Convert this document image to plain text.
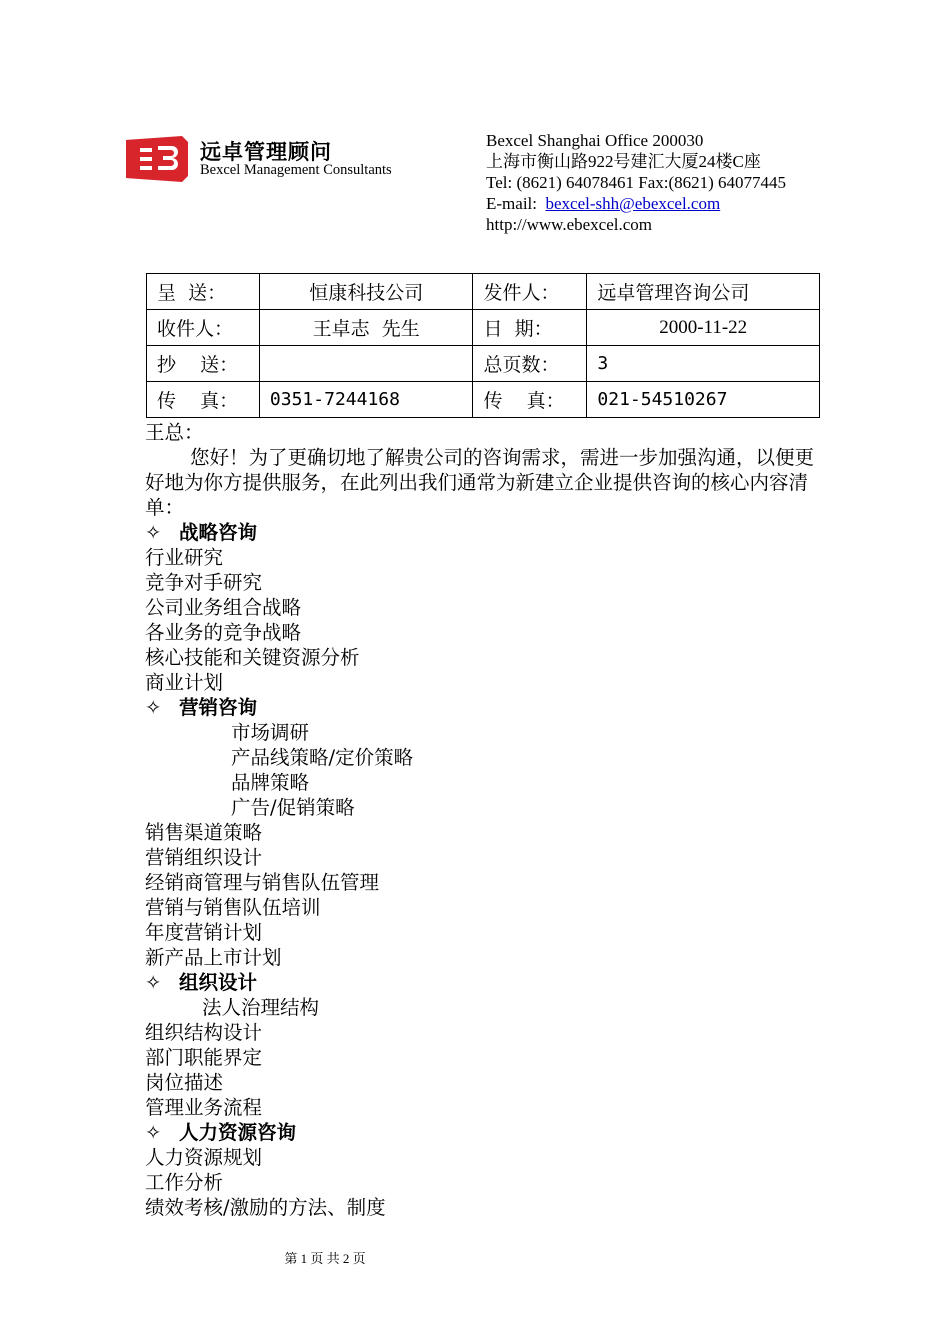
远卓管理顾问
Bexcel Management Consultants
Bexcel Shanghai Office 200030
上海市衡山路922号建汇大厦24楼C座
Tel: (8621) 64078461 Fax:(8621) 64077445
E-mail:  bexcel-shh@ebexcel.com
http://www.ebexcel.com
呈  送：	恒康科技公司	发件人：	远卓管理咨询公司
收件人：	王卓志  先生	日  期：	2000-11-22
抄    送：		总页数：	3
传    真：	0351-7244168	传    真：	021-54510267

王总：

您好！为了更确切地了解贵公司的咨询需求，需进一步加强沟通，以便更好地为你方提供服务，在此列出我们通常为新建立企业提供咨询的核心内容清单：

✧ 战略咨询

行业研究

竞争对手研究

公司业务组合战略

各业务的竞争战略

核心技能和关键资源分析

商业计划

✧ 营销咨询

市场调研

产品线策略/定价策略

品牌策略

广告/促销策略

销售渠道策略

营销组织设计

经销商管理与销售队伍管理

营销与销售队伍培训

年度营销计划

新产品上市计划

✧ 组织设计

法人治理结构

组织结构设计

部门职能界定

岗位描述

管理业务流程

✧ 人力资源咨询

人力资源规划

工作分析

绩效考核/激励的方法、制度

第 1 页 共 2 页
